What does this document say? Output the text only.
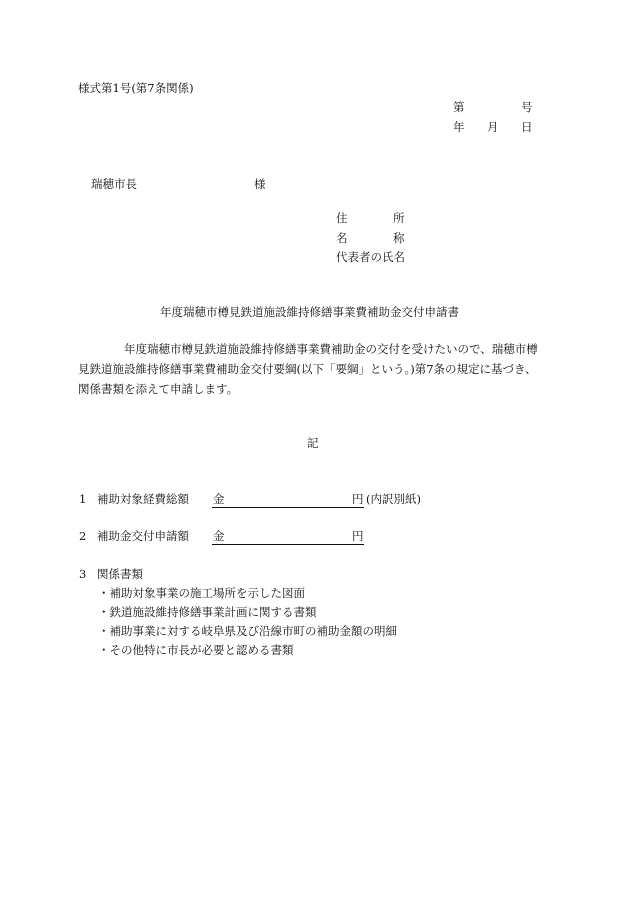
様式第1号(第7条関係)
第	号
年 月 日
瑞穂市長	様
住	所
名	称
代表者の氏名
年度瑞穂市樽見鉄道施設維持修繕事業費補助金交付申請書
年度瑞穂市樽見鉄道施設維持修繕事業費補助金の交付を受けたいので、瑞穂市樽見鉄道施設維持修繕事業費補助金交付要綱(以下「要綱」という。)第7条の規定に基づき、関係書類を添えて申請します。
記
1 補助対象経費総額 金	円 (内訳別紙)
2 補助金交付申請額 金	円
3 関係書類
・補助対象事業の施工場所を示した図面
・鉄道施設維持修繕事業計画に関する書類
・補助事業に対する岐阜県及び沿線市町の補助金額の明細
・その他特に市長が必要と認める書類
